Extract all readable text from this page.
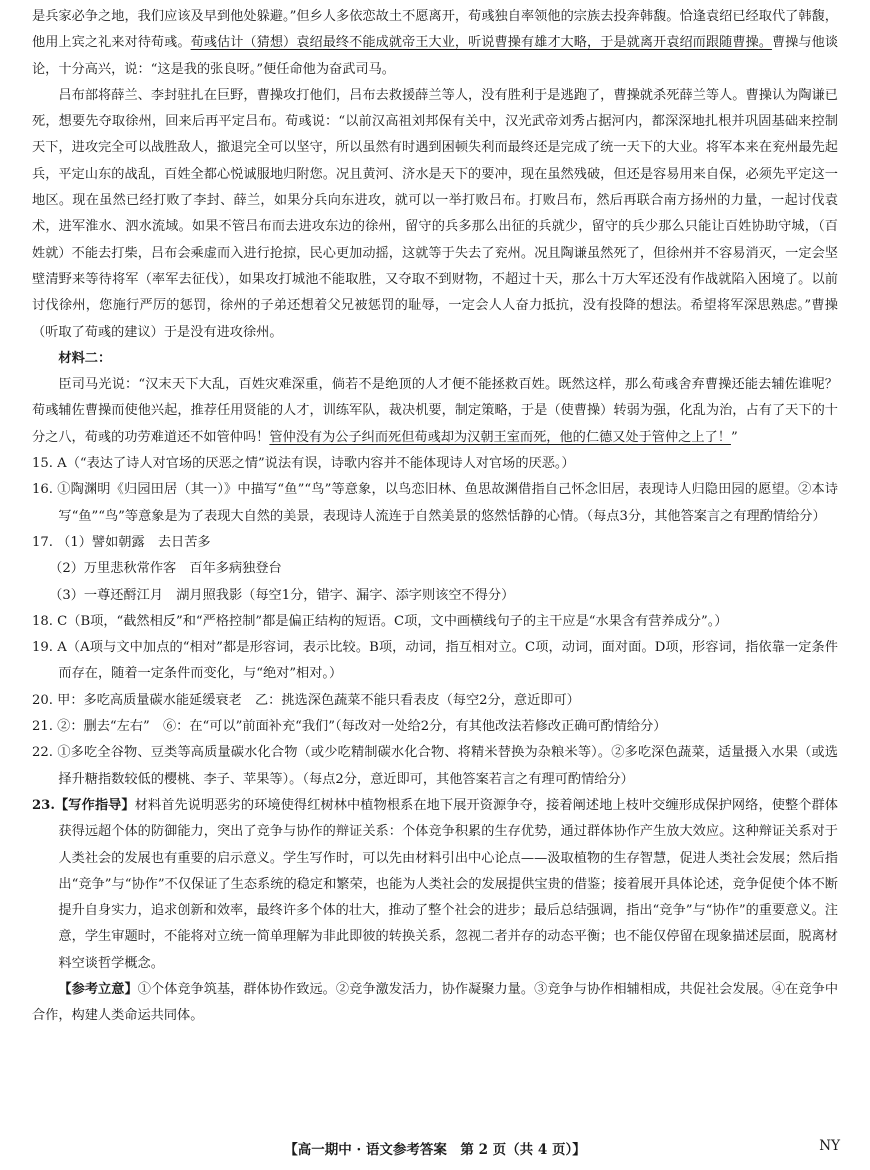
是兵家必争之地，我们应该及早到他处躲避。”但乡人多依恋故土不愿离开，荀彧独自率领他的宗族去投奔韩馥。恰逢袁绍已经取代了韩馥，他用上宾之礼来对待荀彧。荀彧估计（猜想）袁绍最终不能成就帝王大业，听说曹操有雄才大略，于是就离开袁绍而跟随曹操。曹操与他谈论，十分高兴，说：“这是我的张良呀。”便任命他为奋武司马。

吕布部将薛兰、李封驻扎在巨野，曹操攻打他们，吕布去救援薛兰等人，没有胜利于是逃跑了，曹操就杀死薛兰等人。曹操认为陶谦已死，想要先夺取徐州，回来后再平定吕布。荀彧说：“以前汉高祖刘邦保有关中，汉光武帝刘秀占据河内，都深深地扎根并巩固基础来控制天下，进攻完全可以战胜敌人，撤退完全可以坚守，所以虽然有时遇到困顿失利而最终还是完成了统一天下的大业。将军本来在兖州最先起兵，平定山东的战乱，百姓全都心悦诚服地归附您。况且黄河、济水是天下的要冲，现在虽然残破，但还是容易用来自保，必须先平定这一地区。现在虽然已经打败了李封、薛兰，如果分兵向东进攻，就可以一举打败吕布。打败吕布，然后再联合南方扬州的力量，一起讨伐袁术，进军淮水、泗水流域。如果不管吕布而去进攻东边的徐州，留守的兵多那么出征的兵就少，留守的兵少那么只能让百姓协助守城，（百姓就）不能去打柴，吕布会乘虚而入进行抢掠，民心更加动摇，这就等于失去了兖州。况且陶谦虽然死了，但徐州并不容易消灭，一定会坚壁清野来等待将军（率军去征伐），如果攻打城池不能取胜，又夺取不到财物，不超过十天，那么十万大军还没有作战就陷入困境了。以前讨伐徐州，您施行严厉的惩罚，徐州的子弟还想着父兄被惩罚的耻辱，一定会人人奋力抵抗，没有投降的想法。希望将军深思熟虑。”曹操（听取了荀彧的建议）于是没有进攻徐州。

材料二：

臣司马光说：“汉末天下大乱，百姓灾难深重，倘若不是绝顶的人才便不能拯救百姓。既然这样，那么荀彧舍弃曹操还能去辅佐谁呢？荀彧辅佐曹操而使他兴起，推荐任用贤能的人才，训练军队，裁决机要，制定策略，于是（使曹操）转弱为强，化乱为治，占有了天下的十分之八，荀彧的功劳难道还不如管仲吗！管仲没有为公子纠而死但荀彧却为汉朝王室而死，他的仁德又处于管仲之上了！”

15. A（“表达了诗人对官场的厌恶之情”说法有误，诗歌内容并不能体现诗人对官场的厌恶。）

16. ①陶渊明《归园田居（其一）》中描写“鱼”“鸟”等意象，以鸟恋旧林、鱼思故渊借指自己怀念旧居，表现诗人归隐田园的愿望。②本诗写“鱼”“鸟”等意象是为了表现大自然的美景，表现诗人流连于自然美景的悠然恬静的心情。（每点3分，其他答案言之有理酌情给分）

17. （1）譬如朝露　去日苦多

（2）万里悲秋常作客　百年多病独登台

（3）一尊还酹江月　湖月照我影（每空1分，错字、漏字、添字则该空不得分）

18. C（B项，“截然相反”和“严格控制”都是偏正结构的短语。C项，文中画横线句子的主干应是“水果含有营养成分”。）

19. A（A项与文中加点的“相对”都是形容词，表示比较。B项，动词，指互相对立。C项，动词，面对面。D项，形容词，指依靠一定条件而存在，随着一定条件而变化，与“绝对”相对。）

20. 甲：多吃高质量碳水能延缓衰老　乙：挑选深色蔬菜不能只看表皮（每空2分，意近即可）

21. ②：删去“左右”　⑥：在“可以”前面补充“我们”（每改对一处给2分，有其他改法若修改正确可酌情给分）

22. ①多吃全谷物、豆类等高质量碳水化合物（或少吃精制碳水化合物、将精米替换为杂粮米等）。②多吃深色蔬菜，适量摄入水果（或选择升糖指数较低的樱桃、李子、苹果等）。（每点2分，意近即可，其他答案若言之有理可酌情给分）

23.【写作指导】材料首先说明恶劣的环境使得红树林中植物根系在地下展开资源争夺，接着阐述地上枝叶交缠形成保护网络，使整个群体获得远超个体的防御能力，突出了竞争与协作的辩证关系：个体竞争积累的生存优势，通过群体协作产生放大效应。这种辩证关系对于人类社会的发展也有重要的启示意义。学生写作时，可以先由材料引出中心论点——汲取植物的生存智慧，促进人类社会发展；然后指出“竞争”与“协作”不仅保证了生态系统的稳定和繁荣，也能为人类社会的发展提供宝贵的借鉴；接着展开具体论述，竞争促使个体不断提升自身实力，追求创新和效率，最终许多个体的壮大，推动了整个社会的进步；最后总结强调，指出“竞争”与“协作”的重要意义。注意，学生审题时，不能将对立统一简单理解为非此即彼的转换关系，忽视二者并存的动态平衡；也不能仅停留在现象描述层面，脱离材料空谈哲学概念。

【参考立意】①个体竞争筑基，群体协作致远。②竞争激发活力，协作凝聚力量。③竞争与协作相辅相成，共促社会发展。④在竞争中合作，构建人类命运共同体。

【高一期中 · 语文参考答案　第 2 页（共 4 页）】	NY
